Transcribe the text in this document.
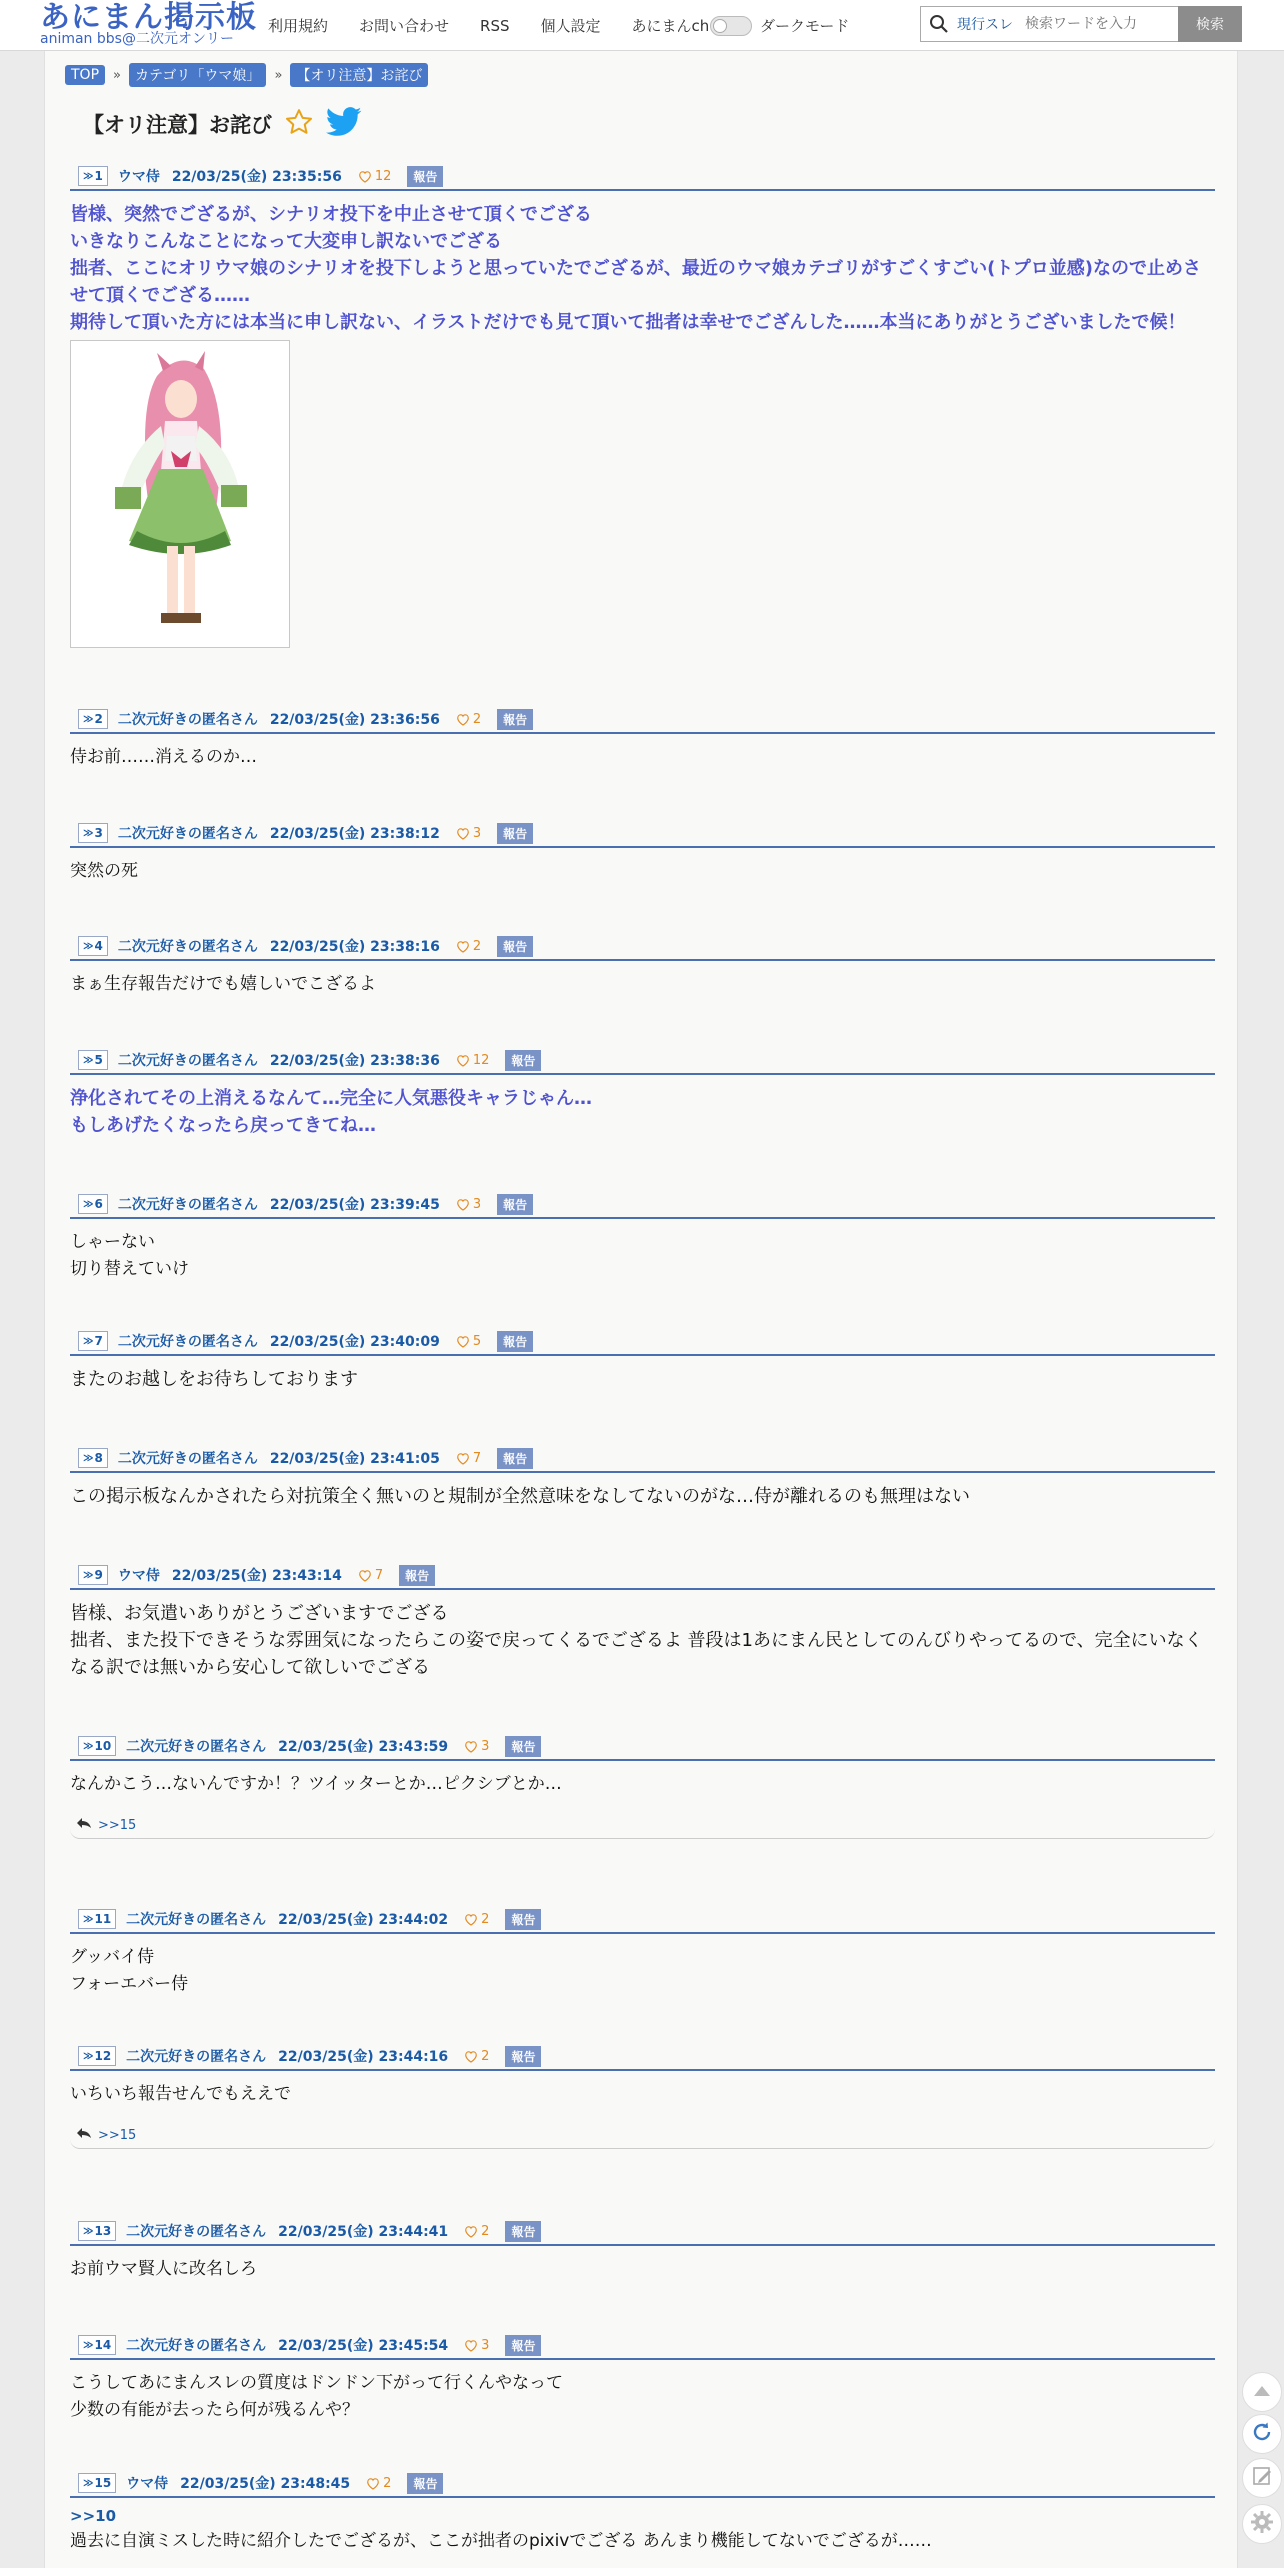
あにまん掲示板
animan bbs@二次元オンリー
利用規約 お問い合わせ RSS 個人設定 あにまんch	ダークモード	現行スレ
検索ワードを入力	検索
TOP	»	カテゴリ「ウマ娘」	»	【オリ注意】お詫び
【オリ注意】お詫び
≫ 1 ウマ侍 22/03/25(金) 23:35:56	12	報告
皆様、突然でござるが、シナリオ投下を中止させて頂くでござる
いきなりこんなことになって大変申し訳ないでござる
拙者、ここにオリウマ娘のシナリオを投下しようと思っていたでござるが、最近のウマ娘カテゴリがすごくすごい(トプロ並感)なので止めさせて頂くでござる……
期待して頂いた方には本当に申し訳ない、イラストだけでも見て頂いて拙者は幸せでござんした……本当にありがとうございましたで候！
≫ 2 二次元好きの匿名さん 22/03/25(金) 23:36:56	2	報告
侍お前……消えるのか…
≫ 3 二次元好きの匿名さん 22/03/25(金) 23:38:12	3	報告
突然の死
≫ 4 二次元好きの匿名さん 22/03/25(金) 23:38:16	2	報告
まぁ生存報告だけでも嬉しいでこざるよ
≫ 5 二次元好きの匿名さん 22/03/25(金) 23:38:36	12	報告
浄化されてその上消えるなんて…完全に人気悪役キャラじゃん…
もしあげたくなったら戻ってきてね…
≫ 6 二次元好きの匿名さん 22/03/25(金) 23:39:45	3	報告
しゃーない
切り替えていけ
≫ 7 二次元好きの匿名さん 22/03/25(金) 23:40:09	5	報告
またのお越しをお待ちしております
≫ 8 二次元好きの匿名さん 22/03/25(金) 23:41:05	7	報告
この掲示板なんかされたら対抗策全く無いのと規制が全然意味をなしてないのがな…侍が離れるのも無理はない
≫ 9 ウマ侍 22/03/25(金) 23:43:14	7	報告
皆様、お気遣いありがとうございますでござる
拙者、また投下できそうな雰囲気になったらこの姿で戻ってくるでござるよ 普段は1あにまん民としてのんびりやってるので、完全にいなくなる訳では無いから安心して欲しいでござる
≫ 10 二次元好きの匿名さん 22/03/25(金) 23:43:59	3	報告
なんかこう…ないんですか！？ツイッターとか…ピクシブとか…
>>15
≫ 11 二次元好きの匿名さん 22/03/25(金) 23:44:02	2	報告
グッバイ侍
フォーエバー侍
≫ 12 二次元好きの匿名さん 22/03/25(金) 23:44:16	2	報告
いちいち報告せんでもええで
>>15
≫ 13 二次元好きの匿名さん 22/03/25(金) 23:44:41	2	報告
お前ウマ賢人に改名しろ
≫ 14 二次元好きの匿名さん 22/03/25(金) 23:45:54	3	報告
こうしてあにまんスレの質度はドンドン下がって行くんやなって
少数の有能が去ったら何が残るんや？
≫ 15 ウマ侍 22/03/25(金) 23:48:45	2	報告
>>10
過去に自演ミスした時に紹介したでござるが、ここが拙者のpixivでござる あんまり機能してないでござるが……
